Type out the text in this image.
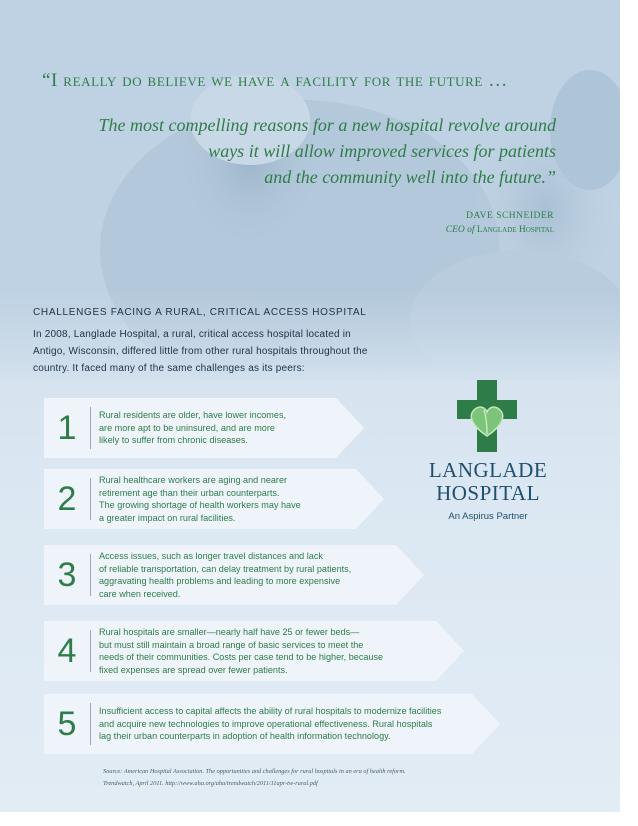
“I really do believe we have a facility for the future …
The most compelling reasons for a new hospital revolve around
ways it will allow improved services for patients
and the community well into the future.”
DAVE SCHNEIDER
CEO of Langlade Hospital
CHALLENGES FACING A RURAL, CRITICAL ACCESS HOSPITAL
In 2008, Langlade Hospital, a rural, critical access hospital located in Antigo, Wisconsin, differed little from other rural hospitals throughout the country. It faced many of the same challenges as its peers:
1	Rural residents are older, have lower incomes,
are more apt to be uninsured, and are more
likely to suffer from chronic diseases.
2	Rural healthcare workers are aging and nearer
retirement age than their urban counterparts.
The growing shortage of health workers may have
a greater impact on rural facilities.
3	Access issues, such as longer travel distances and lack
of reliable transportation, can delay treatment by rural patients,
aggravating health problems and leading to more expensive
care when received.
4	Rural hospitals are smaller—nearly half have 25 or fewer beds—
but must still maintain a broad range of basic services to meet the
needs of their communities. Costs per case tend to be higher, because
fixed expenses are spread over fewer patients.
5	Insufficient access to capital affects the ability of rural hospitals to modernize facilities
and acquire new technologies to improve operational effectiveness. Rural hospitals
lag their urban counterparts in adoption of health information technology.
LANGLADE
HOSPITAL
An Aspirus Partner
Source: American Hospital Association. The opportunities and challenges for rural hospitals in an era of health reform.
Trendwatch, April 2011. http://www.aha.org/aha/trendwatch/2011/11apr-tw-rural.pdf
